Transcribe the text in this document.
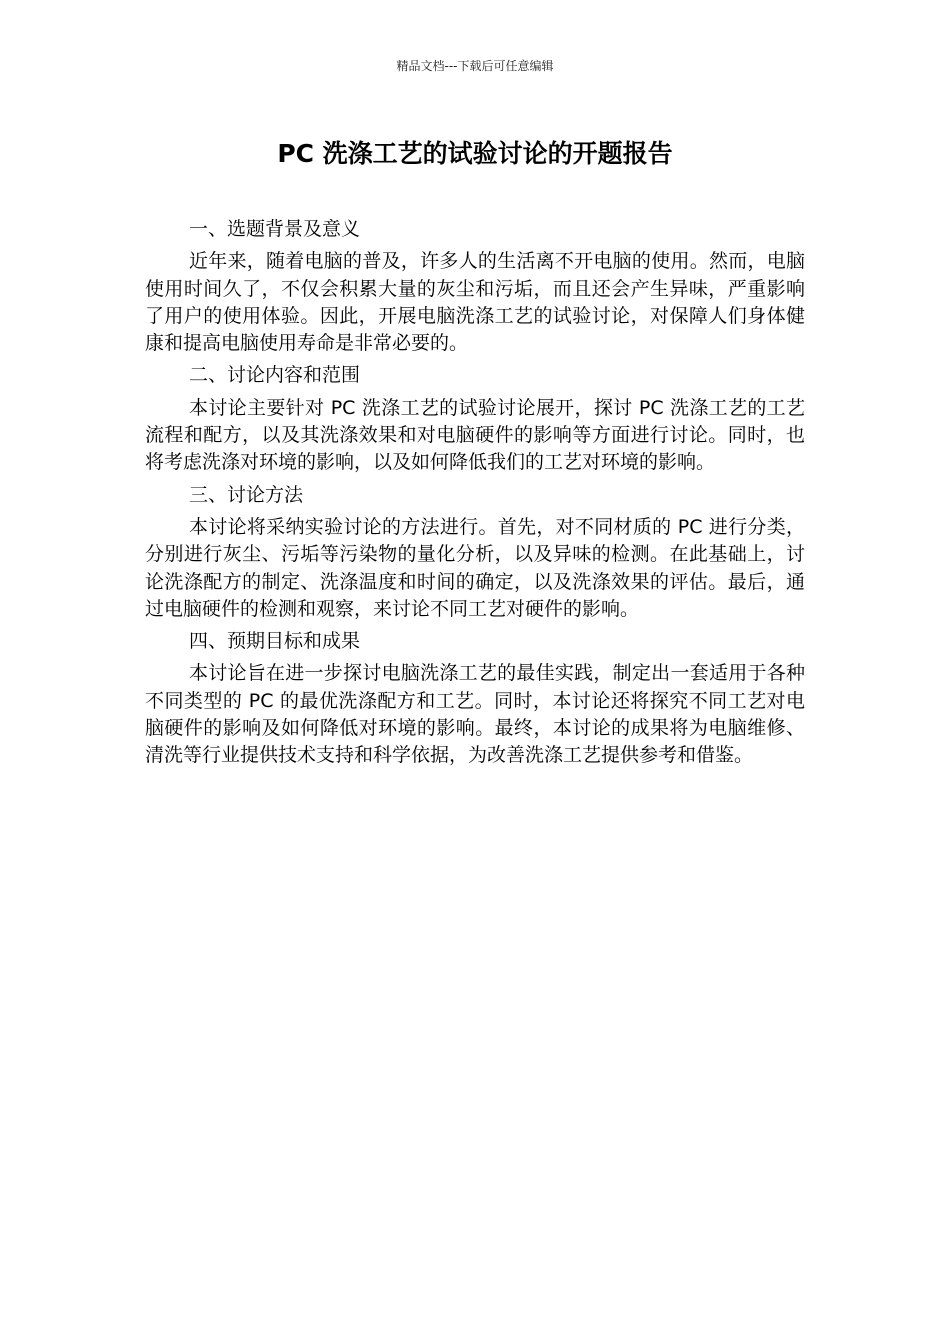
精品文档---下载后可任意编辑
PC 洗涤工艺的试验讨论的开题报告

一、选题背景及意义

近年来，随着电脑的普及，许多人的生活离不开电脑的使用。然而，电脑使用时间久了，不仅会积累大量的灰尘和污垢，而且还会产生异味，严重影响了用户的使用体验。因此，开展电脑洗涤工艺的试验讨论，对保障人们身体健康和提高电脑使用寿命是非常必要的。

二、讨论内容和范围

本讨论主要针对 PC 洗涤工艺的试验讨论展开，探讨 PC 洗涤工艺的工艺流程和配方，以及其洗涤效果和对电脑硬件的影响等方面进行讨论。同时，也将考虑洗涤对环境的影响，以及如何降低我们的工艺对环境的影响。

三、讨论方法

本讨论将采纳实验讨论的方法进行。首先，对不同材质的 PC 进行分类，分别进行灰尘、污垢等污染物的量化分析，以及异味的检测。在此基础上，讨论洗涤配方的制定、洗涤温度和时间的确定，以及洗涤效果的评估。最后，通过电脑硬件的检测和观察，来讨论不同工艺对硬件的影响。

四、预期目标和成果

本讨论旨在进一步探讨电脑洗涤工艺的最佳实践，制定出一套适用于各种不同类型的 PC 的最优洗涤配方和工艺。同时，本讨论还将探究不同工艺对电脑硬件的影响及如何降低对环境的影响。最终，本讨论的成果将为电脑维修、清洗等行业提供技术支持和科学依据，为改善洗涤工艺提供参考和借鉴。
